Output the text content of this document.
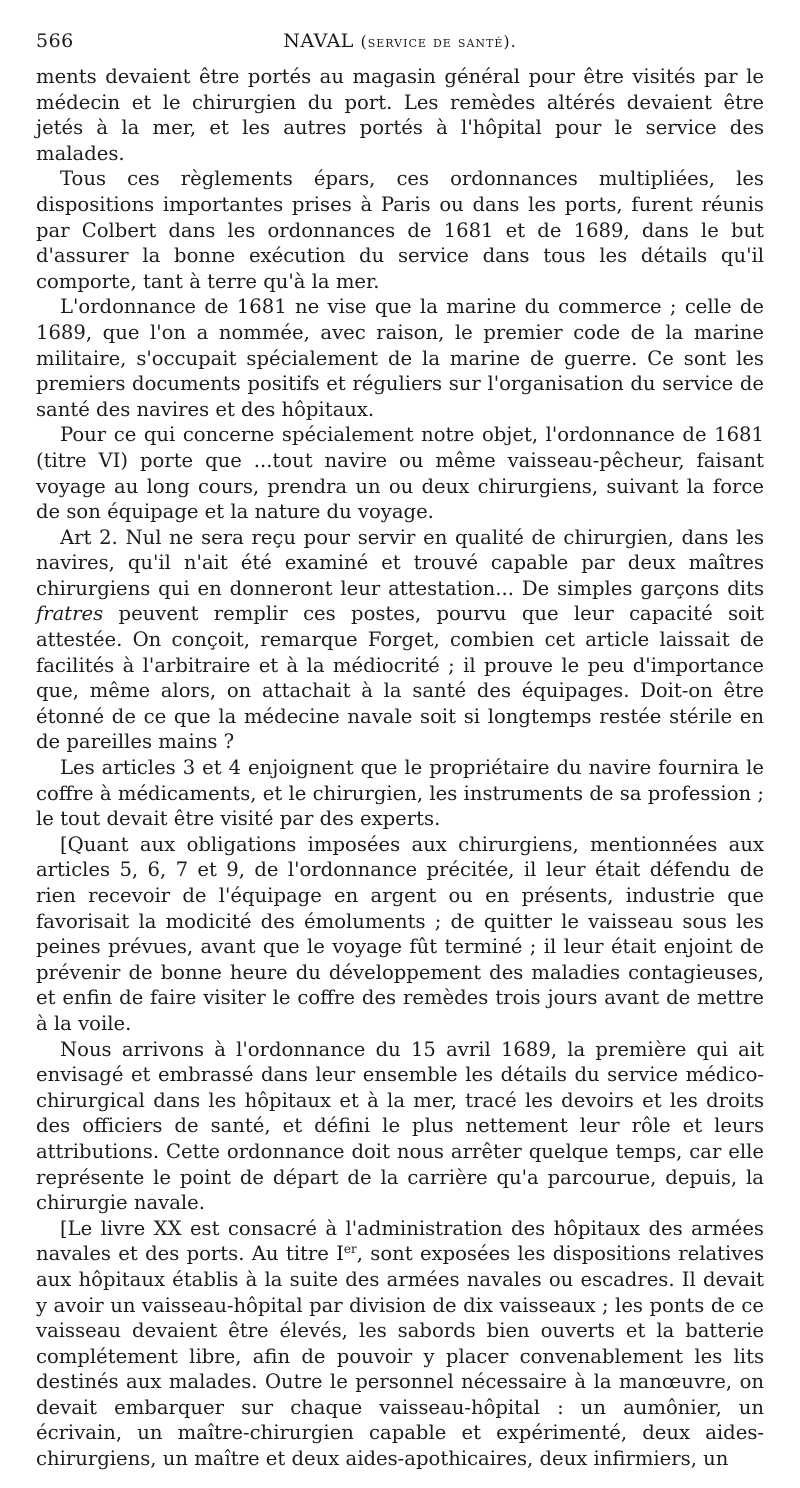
566	NAVAL (service de santé).

ments devaient être portés au magasin général pour être visités par le médecin et le chirurgien du port. Les remèdes altérés devaient être jetés à la mer, et les autres portés à l'hôpital pour le service des malades.

Tous ces règlements épars, ces ordonnances multipliées, les dispositions importantes prises à Paris ou dans les ports, furent réunis par Colbert dans les ordonnances de 1681 et de 1689, dans le but d'assurer la bonne exécution du service dans tous les détails qu'il comporte, tant à terre qu'à la mer.

L'ordonnance de 1681 ne vise que la marine du commerce ; celle de 1689, que l'on a nommée, avec raison, le premier code de la marine militaire, s'occupait spécialement de la marine de guerre. Ce sont les premiers documents positifs et réguliers sur l'organisation du service de santé des navires et des hôpitaux.

Pour ce qui concerne spécialement notre objet, l'ordonnance de 1681 (titre VI) porte que ...tout navire ou même vaisseau-pêcheur, faisant voyage au long cours, prendra un ou deux chirurgiens, suivant la force de son équipage et la nature du voyage.

Art 2. Nul ne sera reçu pour servir en qualité de chirurgien, dans les navires, qu'il n'ait été examiné et trouvé capable par deux maîtres chirurgiens qui en donneront leur attestation... De simples garçons dits fratres peuvent remplir ces postes, pourvu que leur capacité soit attestée. On conçoit, remarque Forget, combien cet article laissait de facilités à l'arbitraire et à la médiocrité ; il prouve le peu d'importance que, même alors, on attachait à la santé des équipages. Doit-on être étonné de ce que la médecine navale soit si longtemps restée stérile en de pareilles mains ?

Les articles 3 et 4 enjoignent que le propriétaire du navire fournira le coffre à médicaments, et le chirurgien, les instruments de sa profession ; le tout devait être visité par des experts.

[Quant aux obligations imposées aux chirurgiens, mentionnées aux articles 5, 6, 7 et 9, de l'ordonnance précitée, il leur était défendu de rien recevoir de l'équipage en argent ou en présents, industrie que favorisait la modicité des émoluments ; de quitter le vaisseau sous les peines prévues, avant que le voyage fût terminé ; il leur était enjoint de prévenir de bonne heure du développement des maladies contagieuses, et enfin de faire visiter le coffre des remèdes trois jours avant de mettre à la voile.

Nous arrivons à l'ordonnance du 15 avril 1689, la première qui ait envisagé et embrassé dans leur ensemble les détails du service médico-chirurgical dans les hôpitaux et à la mer, tracé les devoirs et les droits des officiers de santé, et défini le plus nettement leur rôle et leurs attributions. Cette ordonnance doit nous arrêter quelque temps, car elle représente le point de départ de la carrière qu'a parcourue, depuis, la chirurgie navale.

[Le livre XX est consacré à l'administration des hôpitaux des armées navales et des ports. Au titre Ier, sont exposées les dispositions relatives aux hôpitaux établis à la suite des armées navales ou escadres. Il devait y avoir un vaisseau-hôpital par division de dix vaisseaux ; les ponts de ce vaisseau devaient être élevés, les sabords bien ouverts et la batterie complétement libre, afin de pouvoir y placer convenablement les lits destinés aux malades. Outre le personnel nécessaire à la manœuvre, on devait embarquer sur chaque vaisseau-hôpital : un aumônier, un écrivain, un maître-chirurgien capable et expérimenté, deux aides-chirurgiens, un maître et deux aides-apothicaires, deux infirmiers, un
